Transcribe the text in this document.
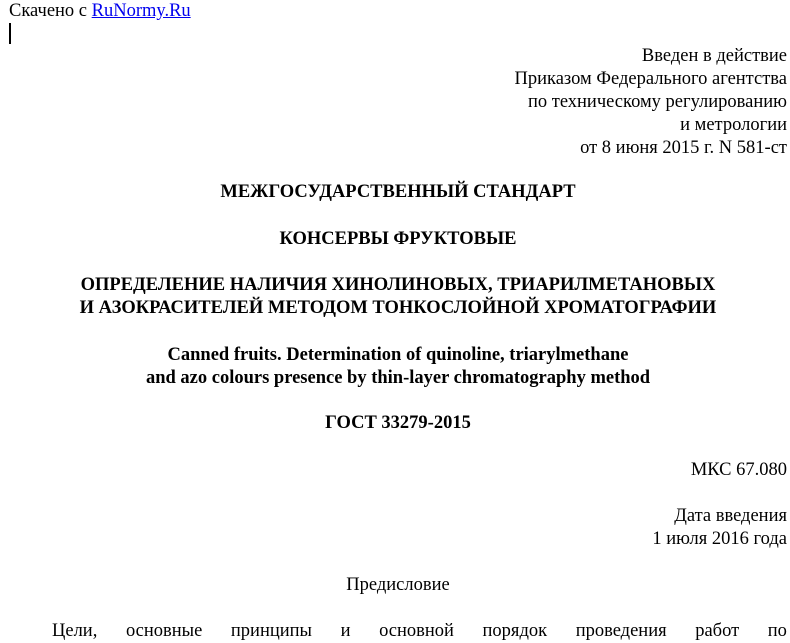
Скачено с RuNormy.Ru
Введен в действие
Приказом Федерального агентства
по техническому регулированию
и метрологии
от 8 июня 2015 г. N 581-ст
МЕЖГОСУДАРСТВЕННЫЙ СТАНДАРТ
КОНСЕРВЫ ФРУКТОВЫЕ
ОПРЕДЕЛЕНИЕ НАЛИЧИЯ ХИНОЛИНОВЫХ, ТРИАРИЛМЕТАНОВЫХ
И АЗОКРАСИТЕЛЕЙ МЕТОДОМ ТОНКОСЛОЙНОЙ ХРОМАТОГРАФИИ
Canned fruits. Determination of quinoline, triarylmethane
and azo colours presence by thin-layer chromatography method
ГОСТ 33279-2015
МКС 67.080
Дата введения
1 июля 2016 года
Предисловие
Цели, основные принципы и основной порядок проведения работ по
